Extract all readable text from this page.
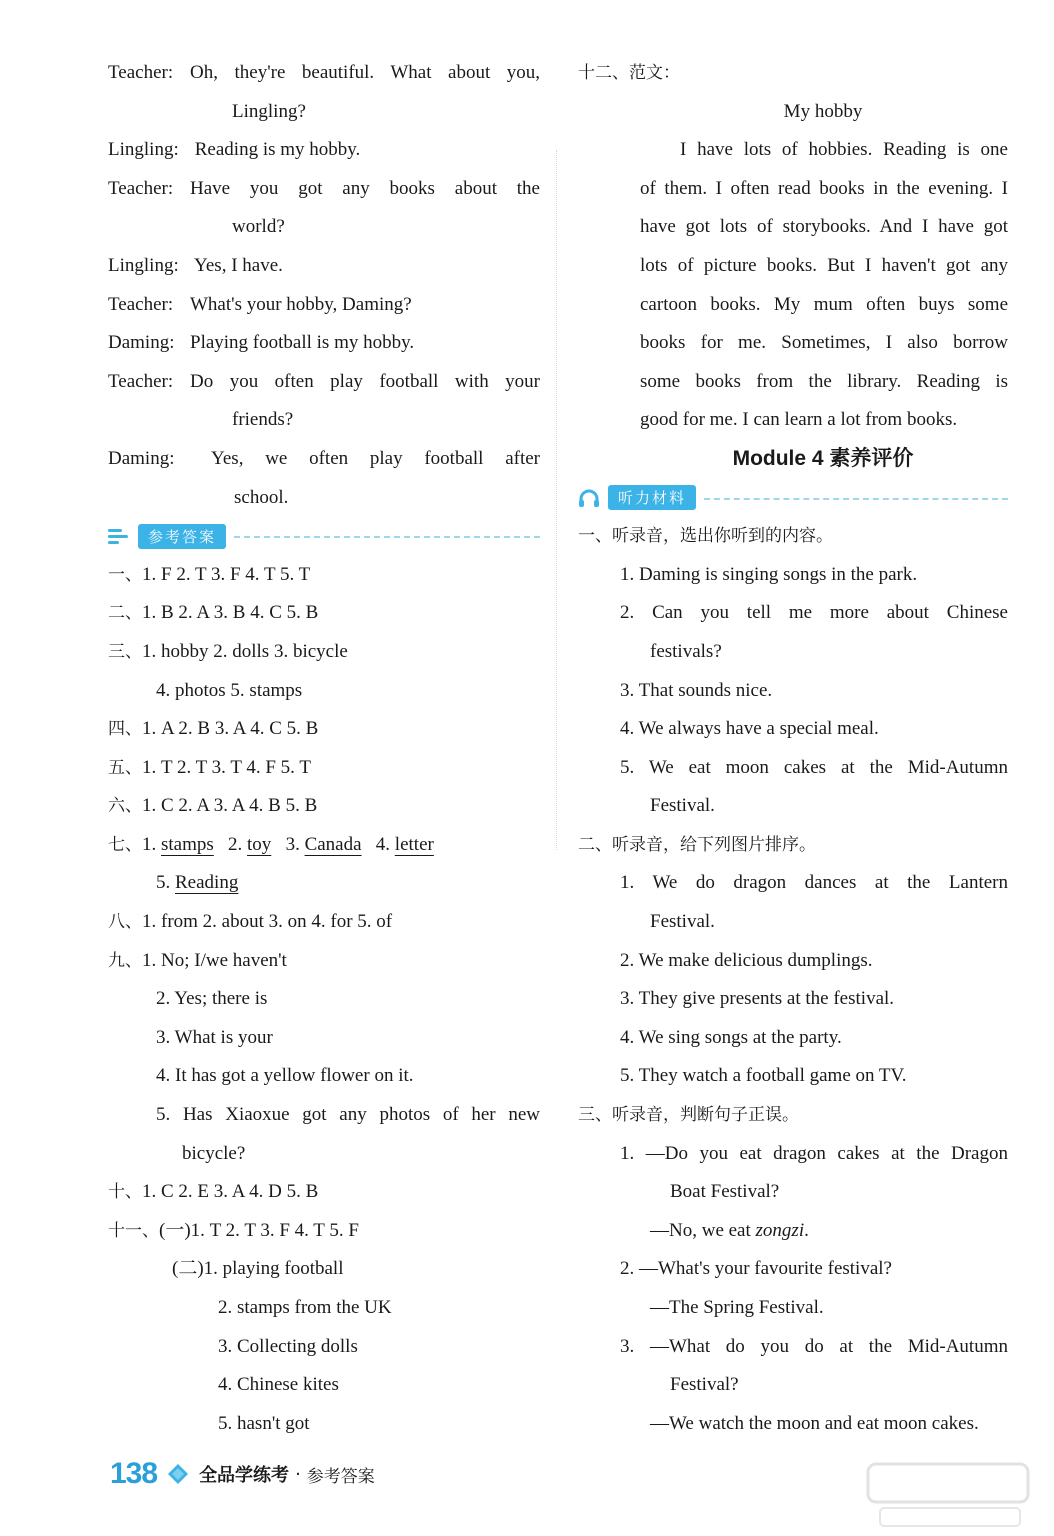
Teacher: Oh, they're beautiful. What about you,
Lingling?
Lingling: Reading is my hobby.
Teacher: Have you got any books about the
world?
Lingling: Yes, I have.
Teacher: What's your hobby, Daming?
Daming: Playing football is my hobby.
Teacher: Do you often play football with your
friends?
Daming: Yes, we often play football after
school.
参考答案
一、1. F 2. T 3. F 4. T 5. T
二、1. B 2. A 3. B 4. C 5. B
三、1. hobby 2. dolls 3. bicycle
4. photos 5. stamps
四、1. A 2. B 3. A 4. C 5. B
五、1. T 2. T 3. T 4. F 5. T
六、1. C 2. A 3. A 4. B 5. B
七、1. stamps 2. toy 3. Canada 4. letter
5. Reading
八、1. from 2. about 3. on 4. for 5. of
九、1. No; I/we haven't
2. Yes; there is
3. What is your
4. It has got a yellow flower on it.
5. Has Xiaoxue got any photos of her new
bicycle?
十、1. C 2. E 3. A 4. D 5. B
十一、(一)1. T 2. T 3. F 4. T 5. F
(二)1. playing football
2. stamps from the UK
3. Collecting dolls
4. Chinese kites
5. hasn't got
十二、范文：
My hobby
I have lots of hobbies. Reading is one
of them. I often read books in the evening. I
have got lots of storybooks. And I have got
lots of picture books. But I haven't got any
cartoon books. My mum often buys some
books for me. Sometimes, I also borrow
some books from the library. Reading is
good for me. I can learn a lot from books.
Module 4 素养评价
听力材料
一、听录音，选出你听到的内容。
1. Daming is singing songs in the park.
2. Can you tell me more about Chinese
festivals?
3. That sounds nice.
4. We always have a special meal.
5. We eat moon cakes at the Mid-Autumn
Festival.
二、听录音，给下列图片排序。
1. We do dragon dances at the Lantern
Festival.
2. We make delicious dumplings.
3. They give presents at the festival.
4. We sing songs at the party.
5. They watch a football game on TV.
三、听录音，判断句子正误。
1. —Do you eat dragon cakes at the Dragon
Boat Festival?
—No, we eat zongzi.
2. —What's your favourite festival?
—The Spring Festival.
3. —What do you do at the Mid-Autumn
Festival?
—We watch the moon and eat moon cakes.
138 全品学练考 · 参考答案
